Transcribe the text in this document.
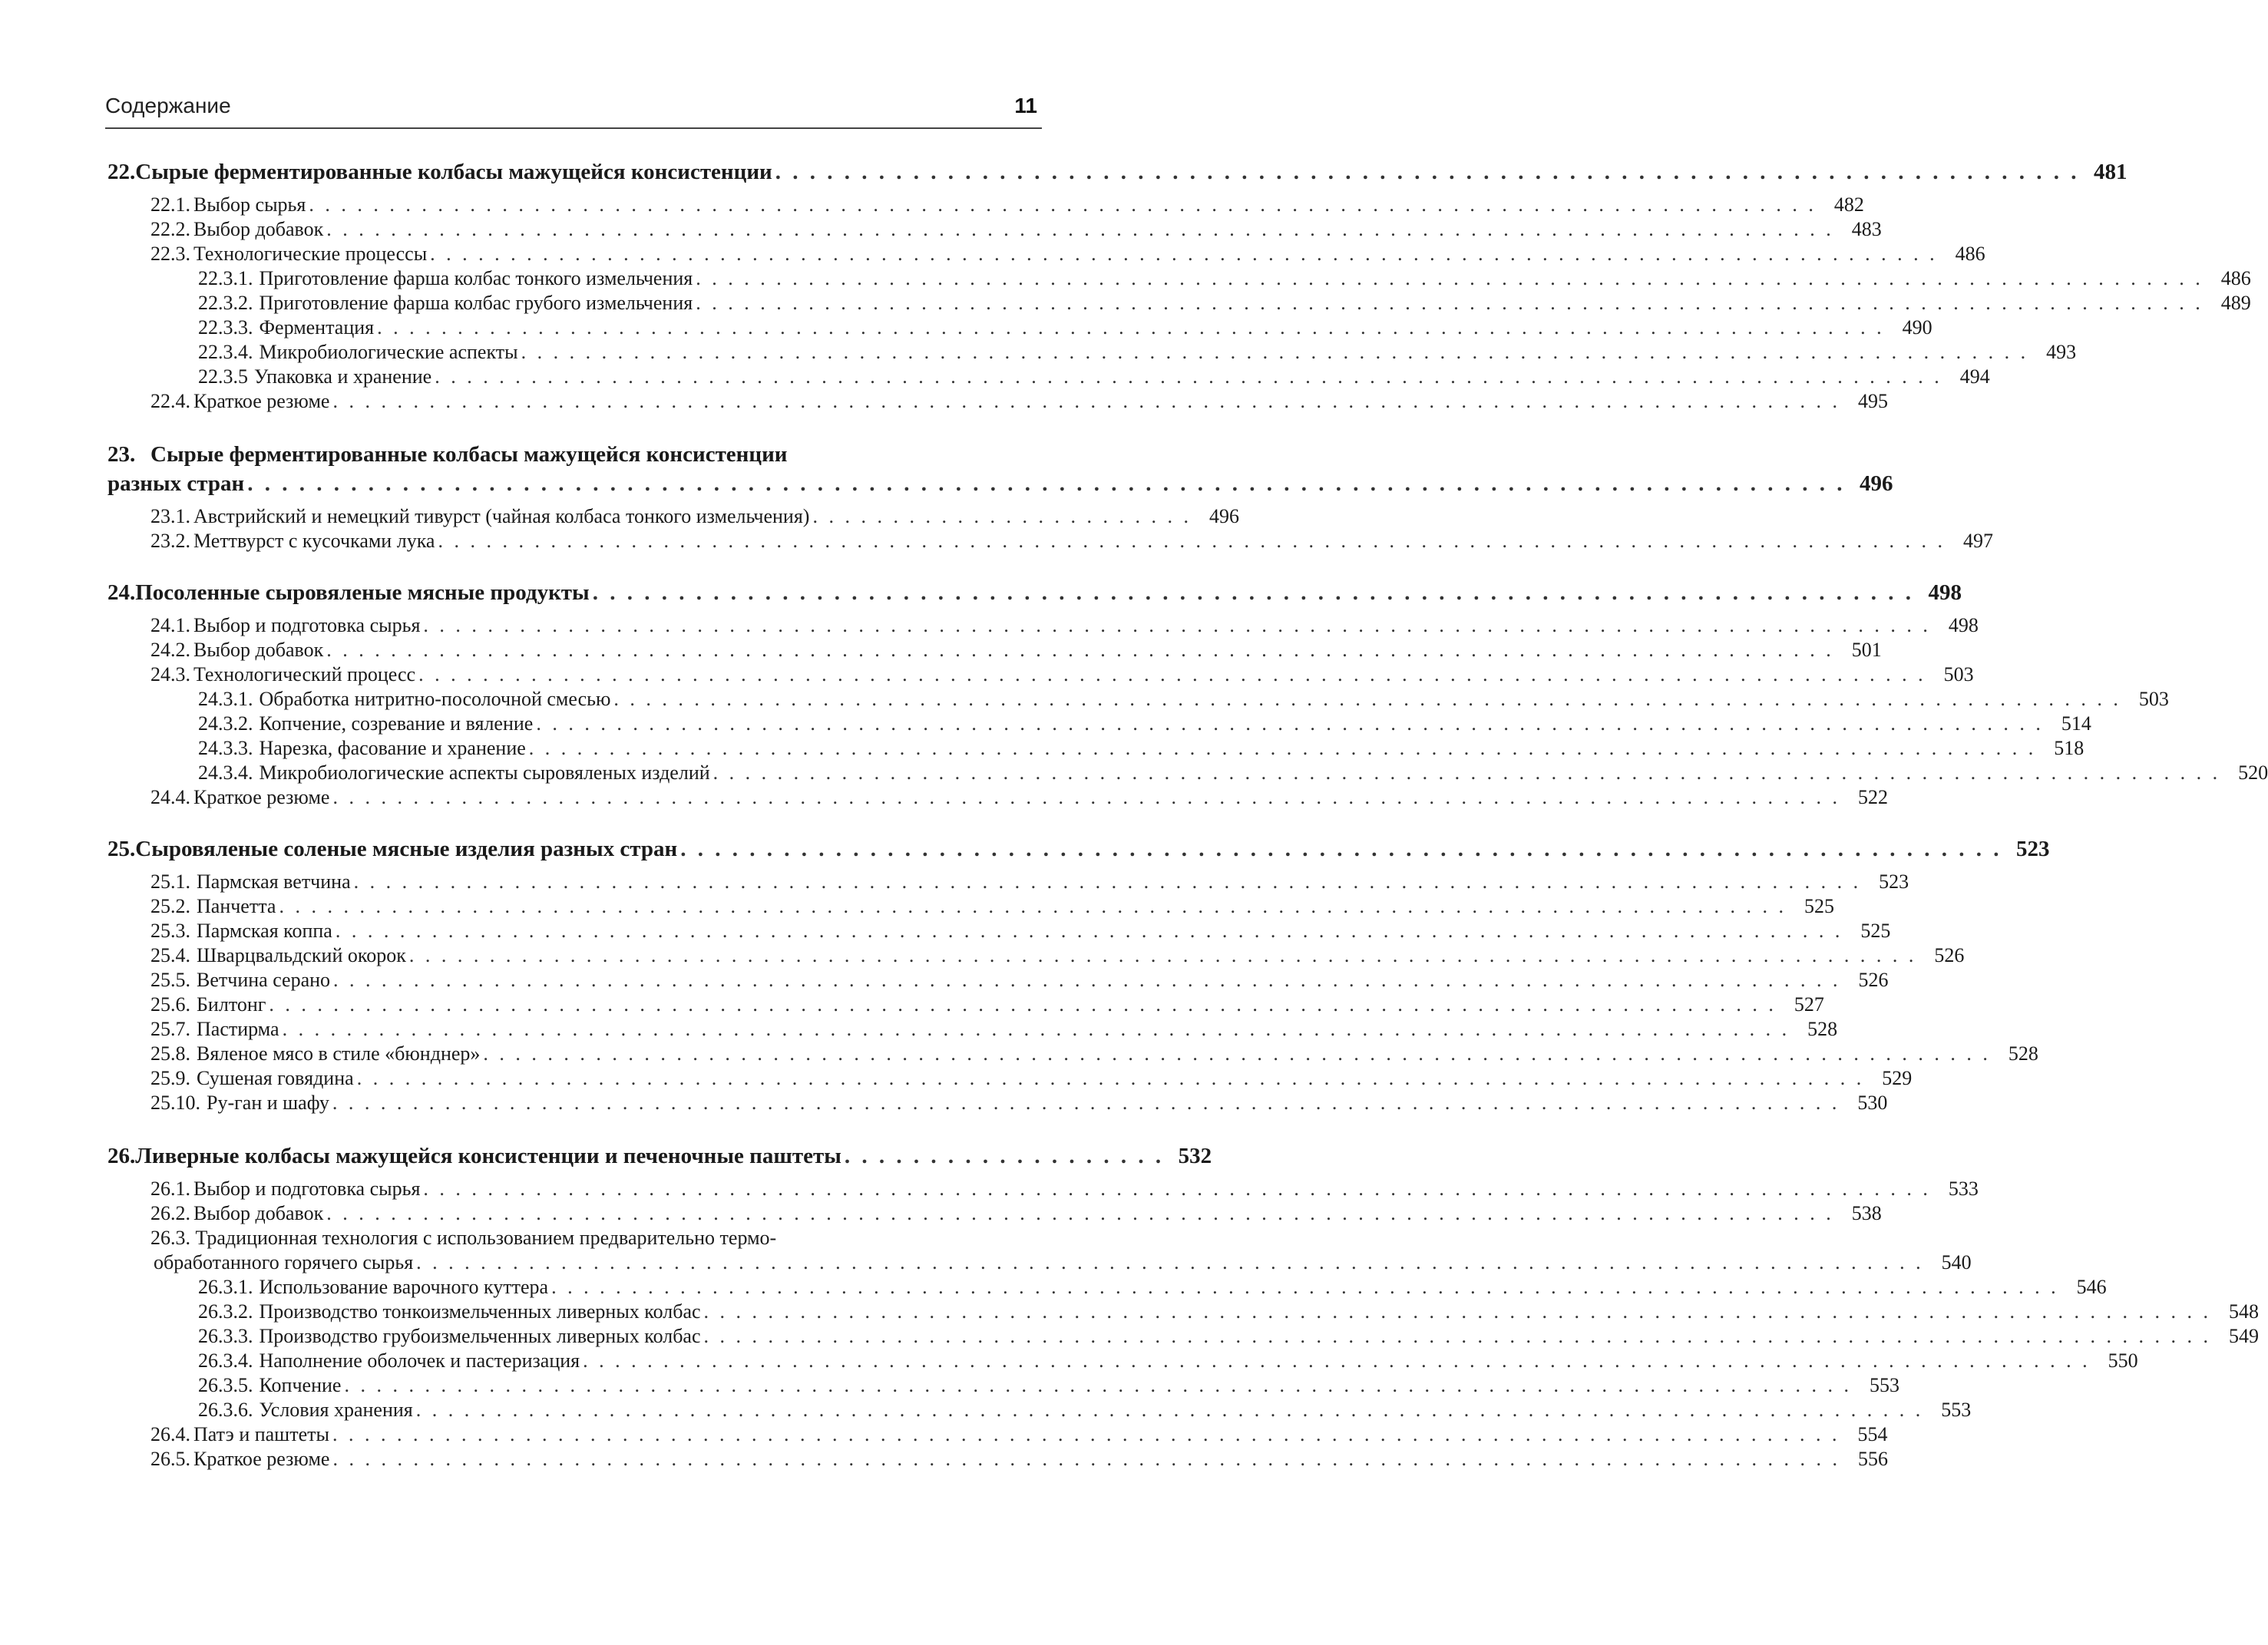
Содержание	11
22. Сырые ферментированные колбасы мажущейся консистенции . . . . . . . . . . . . . . . . . . . . . . . . . . . . . . . . . . . . . . . . . . . . . . . . . . . . . . . . . . . . . . . . . . . . . . . . . . . . 481
22.1. Выбор сырья . . . . . . . . . . . . . . . . . . . . . . . . . . . . . . . . . . . . . . . . . . . . . . . . . . . . . . . . . . . . . . . . . . . . . . . . . . . . . . . . . . . . . . . . . . . . . . 482
22.2. Выбор добавок . . . . . . . . . . . . . . . . . . . . . . . . . . . . . . . . . . . . . . . . . . . . . . . . . . . . . . . . . . . . . . . . . . . . . . . . . . . . . . . . . . . . . . . . . . . . . . 483
22.3. Технологические процессы . . . . . . . . . . . . . . . . . . . . . . . . . . . . . . . . . . . . . . . . . . . . . . . . . . . . . . . . . . . . . . . . . . . . . . . . . . . . . . . . . . . . . . . . . . . . . . 486
22.3.1. Приготовление фарша колбас тонкого измельчения . . . . . . . . . . . . . . . . . . . . . . . . . . . . . . . . . . . . . . . . . . . . . . . . . . . . . . . . . . . . . . . . . . . . . . . . . . . . . . . . . . . . . . . . . . . . . . 486
22.3.2. Приготовление фарша колбас грубого измельчения . . . . . . . . . . . . . . . . . . . . . . . . . . . . . . . . . . . . . . . . . . . . . . . . . . . . . . . . . . . . . . . . . . . . . . . . . . . . . . . . . . . . . . . . . . . . . . 489
22.3.3. Ферментация . . . . . . . . . . . . . . . . . . . . . . . . . . . . . . . . . . . . . . . . . . . . . . . . . . . . . . . . . . . . . . . . . . . . . . . . . . . . . . . . . . . . . . . . . . . . . . 490
22.3.4. Микробиологические аспекты . . . . . . . . . . . . . . . . . . . . . . . . . . . . . . . . . . . . . . . . . . . . . . . . . . . . . . . . . . . . . . . . . . . . . . . . . . . . . . . . . . . . . . . . . . . . . . 493
22.3.5 Упаковка и хранение . . . . . . . . . . . . . . . . . . . . . . . . . . . . . . . . . . . . . . . . . . . . . . . . . . . . . . . . . . . . . . . . . . . . . . . . . . . . . . . . . . . . . . . . . . . . . . 494
22.4. Краткое резюме . . . . . . . . . . . . . . . . . . . . . . . . . . . . . . . . . . . . . . . . . . . . . . . . . . . . . . . . . . . . . . . . . . . . . . . . . . . . . . . . . . . . . . . . . . . . . . 495
23. Сырые ферментированные колбасы мажущейся консистенции
разных стран . . . . . . . . . . . . . . . . . . . . . . . . . . . . . . . . . . . . . . . . . . . . . . . . . . . . . . . . . . . . . . . . . . . . . . . . . . . . . . . . . . . . . . . . . . . . . 496
23.1. Австрийский и немецкий тивурст (чайная колбаса тонкого измельчения) . . . . . . . . . . . . . . . . . . . . . . . . 496
23.2. Меттвурст с кусочками лука . . . . . . . . . . . . . . . . . . . . . . . . . . . . . . . . . . . . . . . . . . . . . . . . . . . . . . . . . . . . . . . . . . . . . . . . . . . . . . . . . . . . . . . . . . . . . . 497
24. Посоленные сыровяленые мясные продукты . . . . . . . . . . . . . . . . . . . . . . . . . . . . . . . . . . . . . . . . . . . . . . . . . . . . . . . . . . . . . . . . . . . . . . . . . . . . . 498
24.1. Выбор и подготовка сырья . . . . . . . . . . . . . . . . . . . . . . . . . . . . . . . . . . . . . . . . . . . . . . . . . . . . . . . . . . . . . . . . . . . . . . . . . . . . . . . . . . . . . . . . . . . . . . 498
24.2. Выбор добавок . . . . . . . . . . . . . . . . . . . . . . . . . . . . . . . . . . . . . . . . . . . . . . . . . . . . . . . . . . . . . . . . . . . . . . . . . . . . . . . . . . . . . . . . . . . . . . 501
24.3. Технологический процесс . . . . . . . . . . . . . . . . . . . . . . . . . . . . . . . . . . . . . . . . . . . . . . . . . . . . . . . . . . . . . . . . . . . . . . . . . . . . . . . . . . . . . . . . . . . . . . 503
24.3.1. Обработка нитритно-посолочной смесью . . . . . . . . . . . . . . . . . . . . . . . . . . . . . . . . . . . . . . . . . . . . . . . . . . . . . . . . . . . . . . . . . . . . . . . . . . . . . . . . . . . . . . . . . . . . . . 503
24.3.2. Копчение, созревание и вяление . . . . . . . . . . . . . . . . . . . . . . . . . . . . . . . . . . . . . . . . . . . . . . . . . . . . . . . . . . . . . . . . . . . . . . . . . . . . . . . . . . . . . . . . . . . . . . 514
24.3.3. Нарезка, фасование и хранение . . . . . . . . . . . . . . . . . . . . . . . . . . . . . . . . . . . . . . . . . . . . . . . . . . . . . . . . . . . . . . . . . . . . . . . . . . . . . . . . . . . . . . . . . . . . . . 518
24.3.4. Микробиологические аспекты сыровяленых изделий . . . . . . . . . . . . . . . . . . . . . . . . . . . . . . . . . . . . . . . . . . . . . . . . . . . . . . . . . . . . . . . . . . . . . . . . . . . . . . . . . . . . . . . . . . . . . . 520
24.4. Краткое резюме . . . . . . . . . . . . . . . . . . . . . . . . . . . . . . . . . . . . . . . . . . . . . . . . . . . . . . . . . . . . . . . . . . . . . . . . . . . . . . . . . . . . . . . . . . . . . . 522
25. Сыровяленые соленые мясные изделия разных стран . . . . . . . . . . . . . . . . . . . . . . . . . . . . . . . . . . . . . . . . . . . . . . . . . . . . . . . . . . . . . . . . . . . . . . . . . . . . . 523
25.1. Пармская ветчина . . . . . . . . . . . . . . . . . . . . . . . . . . . . . . . . . . . . . . . . . . . . . . . . . . . . . . . . . . . . . . . . . . . . . . . . . . . . . . . . . . . . . . . . . . . . . . 523
25.2. Панчетта . . . . . . . . . . . . . . . . . . . . . . . . . . . . . . . . . . . . . . . . . . . . . . . . . . . . . . . . . . . . . . . . . . . . . . . . . . . . . . . . . . . . . . . . . . . . . . 525
25.3. Пармская коппа . . . . . . . . . . . . . . . . . . . . . . . . . . . . . . . . . . . . . . . . . . . . . . . . . . . . . . . . . . . . . . . . . . . . . . . . . . . . . . . . . . . . . . . . . . . . . . 525
25.4. Шварцвальдский окорок . . . . . . . . . . . . . . . . . . . . . . . . . . . . . . . . . . . . . . . . . . . . . . . . . . . . . . . . . . . . . . . . . . . . . . . . . . . . . . . . . . . . . . . . . . . . . . 526
25.5. Ветчина серано . . . . . . . . . . . . . . . . . . . . . . . . . . . . . . . . . . . . . . . . . . . . . . . . . . . . . . . . . . . . . . . . . . . . . . . . . . . . . . . . . . . . . . . . . . . . . . 526
25.6. Билтонг . . . . . . . . . . . . . . . . . . . . . . . . . . . . . . . . . . . . . . . . . . . . . . . . . . . . . . . . . . . . . . . . . . . . . . . . . . . . . . . . . . . . . . . . . . . . . . 527
25.7. Пастирма . . . . . . . . . . . . . . . . . . . . . . . . . . . . . . . . . . . . . . . . . . . . . . . . . . . . . . . . . . . . . . . . . . . . . . . . . . . . . . . . . . . . . . . . . . . . . . 528
25.8. Вяленое мясо в стиле «бюнднер» . . . . . . . . . . . . . . . . . . . . . . . . . . . . . . . . . . . . . . . . . . . . . . . . . . . . . . . . . . . . . . . . . . . . . . . . . . . . . . . . . . . . . . . . . . . . . . 528
25.9. Сушеная говядина . . . . . . . . . . . . . . . . . . . . . . . . . . . . . . . . . . . . . . . . . . . . . . . . . . . . . . . . . . . . . . . . . . . . . . . . . . . . . . . . . . . . . . . . . . . . . . 529
25.10. Ру-ган и шафу . . . . . . . . . . . . . . . . . . . . . . . . . . . . . . . . . . . . . . . . . . . . . . . . . . . . . . . . . . . . . . . . . . . . . . . . . . . . . . . . . . . . . . . . . . . . . . 530
26. Ливерные колбасы мажущейся консистенции и печеночные паштеты . . . . . . . . . . . . . . . . . . . 532
26.1. Выбор и подготовка сырья . . . . . . . . . . . . . . . . . . . . . . . . . . . . . . . . . . . . . . . . . . . . . . . . . . . . . . . . . . . . . . . . . . . . . . . . . . . . . . . . . . . . . . . . . . . . . . 533
26.2. Выбор добавок . . . . . . . . . . . . . . . . . . . . . . . . . . . . . . . . . . . . . . . . . . . . . . . . . . . . . . . . . . . . . . . . . . . . . . . . . . . . . . . . . . . . . . . . . . . . . . 538
26.3. Традиционная технология с использованием предварительно термо-
обработанного горячего сырья . . . . . . . . . . . . . . . . . . . . . . . . . . . . . . . . . . . . . . . . . . . . . . . . . . . . . . . . . . . . . . . . . . . . . . . . . . . . . . . . . . . . . . . . . . . . . . 540
26.3.1. Использование варочного куттера . . . . . . . . . . . . . . . . . . . . . . . . . . . . . . . . . . . . . . . . . . . . . . . . . . . . . . . . . . . . . . . . . . . . . . . . . . . . . . . . . . . . . . . . . . . . . . 546
26.3.2. Производство тонкоизмельченных ливерных колбас . . . . . . . . . . . . . . . . . . . . . . . . . . . . . . . . . . . . . . . . . . . . . . . . . . . . . . . . . . . . . . . . . . . . . . . . . . . . . . . . . . . . . . . . . . . . . . 548
26.3.3. Производство грубоизмельченных ливерных колбас . . . . . . . . . . . . . . . . . . . . . . . . . . . . . . . . . . . . . . . . . . . . . . . . . . . . . . . . . . . . . . . . . . . . . . . . . . . . . . . . . . . . . . . . . . . . . . 549
26.3.4. Наполнение оболочек и пастеризация . . . . . . . . . . . . . . . . . . . . . . . . . . . . . . . . . . . . . . . . . . . . . . . . . . . . . . . . . . . . . . . . . . . . . . . . . . . . . . . . . . . . . . . . . . . . . . 550
26.3.5. Копчение . . . . . . . . . . . . . . . . . . . . . . . . . . . . . . . . . . . . . . . . . . . . . . . . . . . . . . . . . . . . . . . . . . . . . . . . . . . . . . . . . . . . . . . . . . . . . . 553
26.3.6. Условия хранения . . . . . . . . . . . . . . . . . . . . . . . . . . . . . . . . . . . . . . . . . . . . . . . . . . . . . . . . . . . . . . . . . . . . . . . . . . . . . . . . . . . . . . . . . . . . . . 553
26.4. Патэ и паштеты . . . . . . . . . . . . . . . . . . . . . . . . . . . . . . . . . . . . . . . . . . . . . . . . . . . . . . . . . . . . . . . . . . . . . . . . . . . . . . . . . . . . . . . . . . . . . . 554
26.5. Краткое резюме . . . . . . . . . . . . . . . . . . . . . . . . . . . . . . . . . . . . . . . . . . . . . . . . . . . . . . . . . . . . . . . . . . . . . . . . . . . . . . . . . . . . . . . . . . . . . . 556
